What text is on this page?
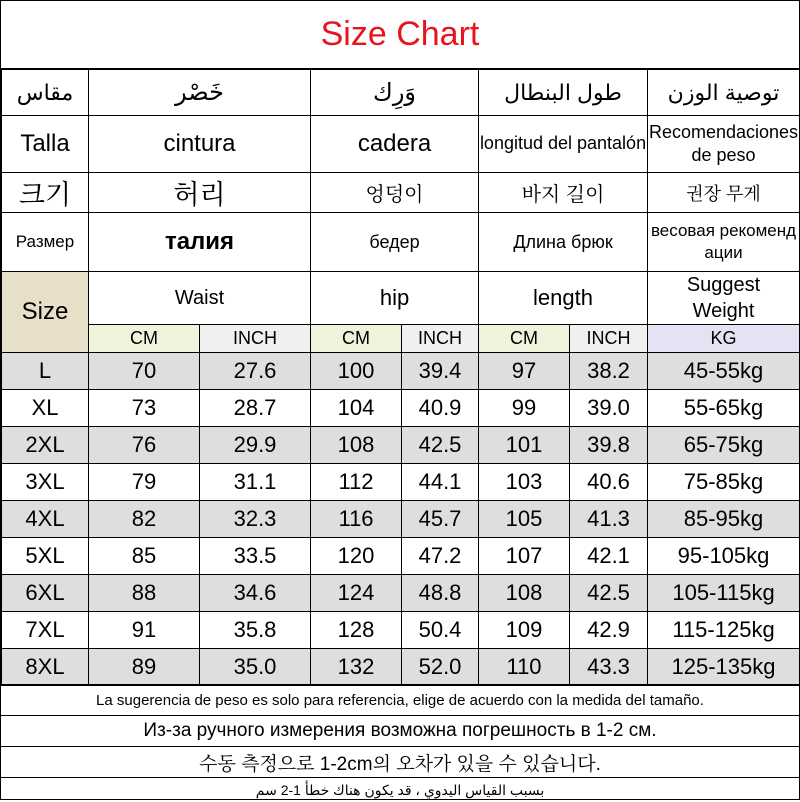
Size Chart
مقاس	خَصْر		وَرِك		طول البنطال		توصية الوزن
Talla	cintura		cadera		longitud del pantalón		Recomendaciones de peso
크기	허리		엉덩이		바지 길이		권장 무게
Размер	талия		бедер		Длина брюк		весовая рекомендации
Size	Waist		hip		length		Suggest Weight
	CM	INCH	CM	INCH	CM	INCH	KG
L	70	27.6	100	39.4	97	38.2	45-55kg
XL	73	28.7	104	40.9	99	39.0	55-65kg
2XL	76	29.9	108	42.5	101	39.8	65-75kg
3XL	79	31.1	112	44.1	103	40.6	75-85kg
4XL	82	32.3	116	45.7	105	41.3	85-95kg
5XL	85	33.5	120	47.2	107	42.1	95-105kg
6XL	88	34.6	124	48.8	108	42.5	105-115kg
7XL	91	35.8	128	50.4	109	42.9	115-125kg
8XL	89	35.0	132	52.0	110	43.3	125-135kg
La sugerencia de peso es solo para referencia, elige de acuerdo con la medida del tamaño.
Из-за ручного измерения возможна погрешность в 1-2 см.
수동 측정으로 1-2cm의 오차가 있을 수 있습니다.
بسبب القياس اليدوي ، قد يكون هناك خطأ 1-2 سم
